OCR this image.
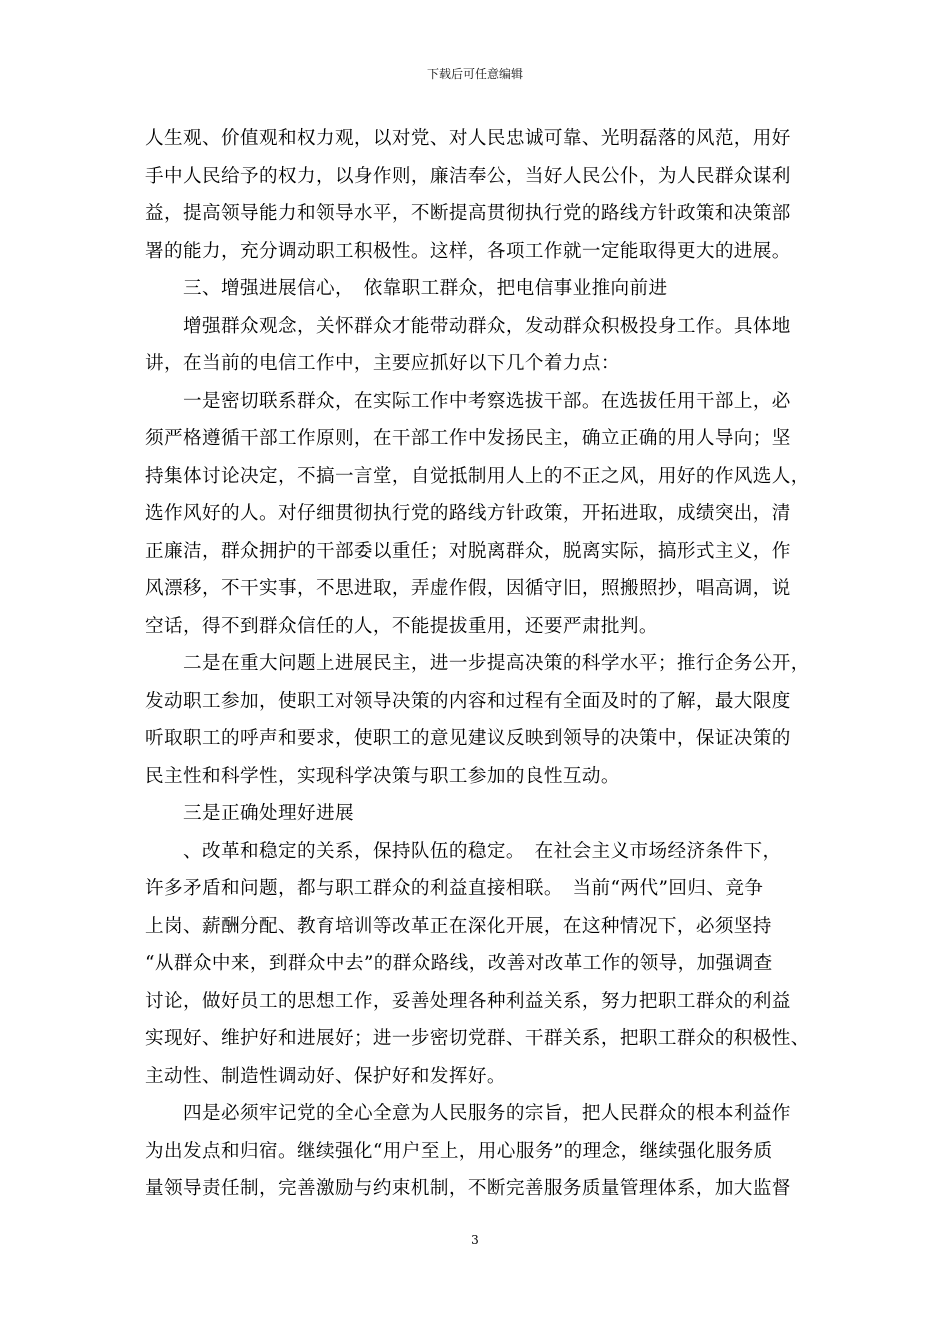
下载后可任意编辑
人生观、价值观和权力观，以对党、对人民忠诚可靠、光明磊落的风范，用好
手中人民给予的权力，以身作则，廉洁奉公，当好人民公仆，为人民群众谋利
益，提高领导能力和领导水平，不断提高贯彻执行党的路线方针政策和决策部
署的能力，充分调动职工积极性。这样，各项工作就一定能取得更大的进展。
三、增强进展信心，　依靠职工群众，把电信事业推向前进
增强群众观念，关怀群众才能带动群众，发动群众积极投身工作。具体地
讲，在当前的电信工作中，主要应抓好以下几个着力点：
一是密切联系群众，在实际工作中考察选拔干部。在选拔任用干部上，必
须严格遵循干部工作原则，在干部工作中发扬民主，确立正确的用人导向；坚
持集体讨论决定，不搞一言堂，自觉抵制用人上的不正之风，用好的作风选人，
选作风好的人。对仔细贯彻执行党的路线方针政策，开拓进取，成绩突出，清
正廉洁，群众拥护的干部委以重任；对脱离群众，脱离实际，搞形式主义，作
风漂移，不干实事，不思进取，弄虚作假，因循守旧，照搬照抄，唱高调，说
空话，得不到群众信任的人，不能提拔重用，还要严肃批判。
二是在重大问题上进展民主，进一步提高决策的科学水平；推行企务公开，
发动职工参加，使职工对领导决策的内容和过程有全面及时的了解，最大限度
听取职工的呼声和要求，使职工的意见建议反映到领导的决策中，保证决策的
民主性和科学性，实现科学决策与职工参加的良性互动。
三是正确处理好进展
、改革和稳定的关系，保持队伍的稳定。　在社会主义市场经济条件下，
许多矛盾和问题，都与职工群众的利益直接相联。　当前“两代”回归、竞争
上岗、薪酬分配、教育培训等改革正在深化开展，在这种情况下，必须坚持
“从群众中来，到群众中去”的群众路线，改善对改革工作的领导，加强调查
讨论，做好员工的思想工作，妥善处理各种利益关系，努力把职工群众的利益
实现好、维护好和进展好；进一步密切党群、干群关系，把职工群众的积极性、
主动性、制造性调动好、保护好和发挥好。
四是必须牢记党的全心全意为人民服务的宗旨，把人民群众的根本利益作
为出发点和归宿。继续强化“用户至上，用心服务”的理念，继续强化服务质
量领导责任制，完善激励与约束机制，不断完善服务质量管理体系，加大监督
3
